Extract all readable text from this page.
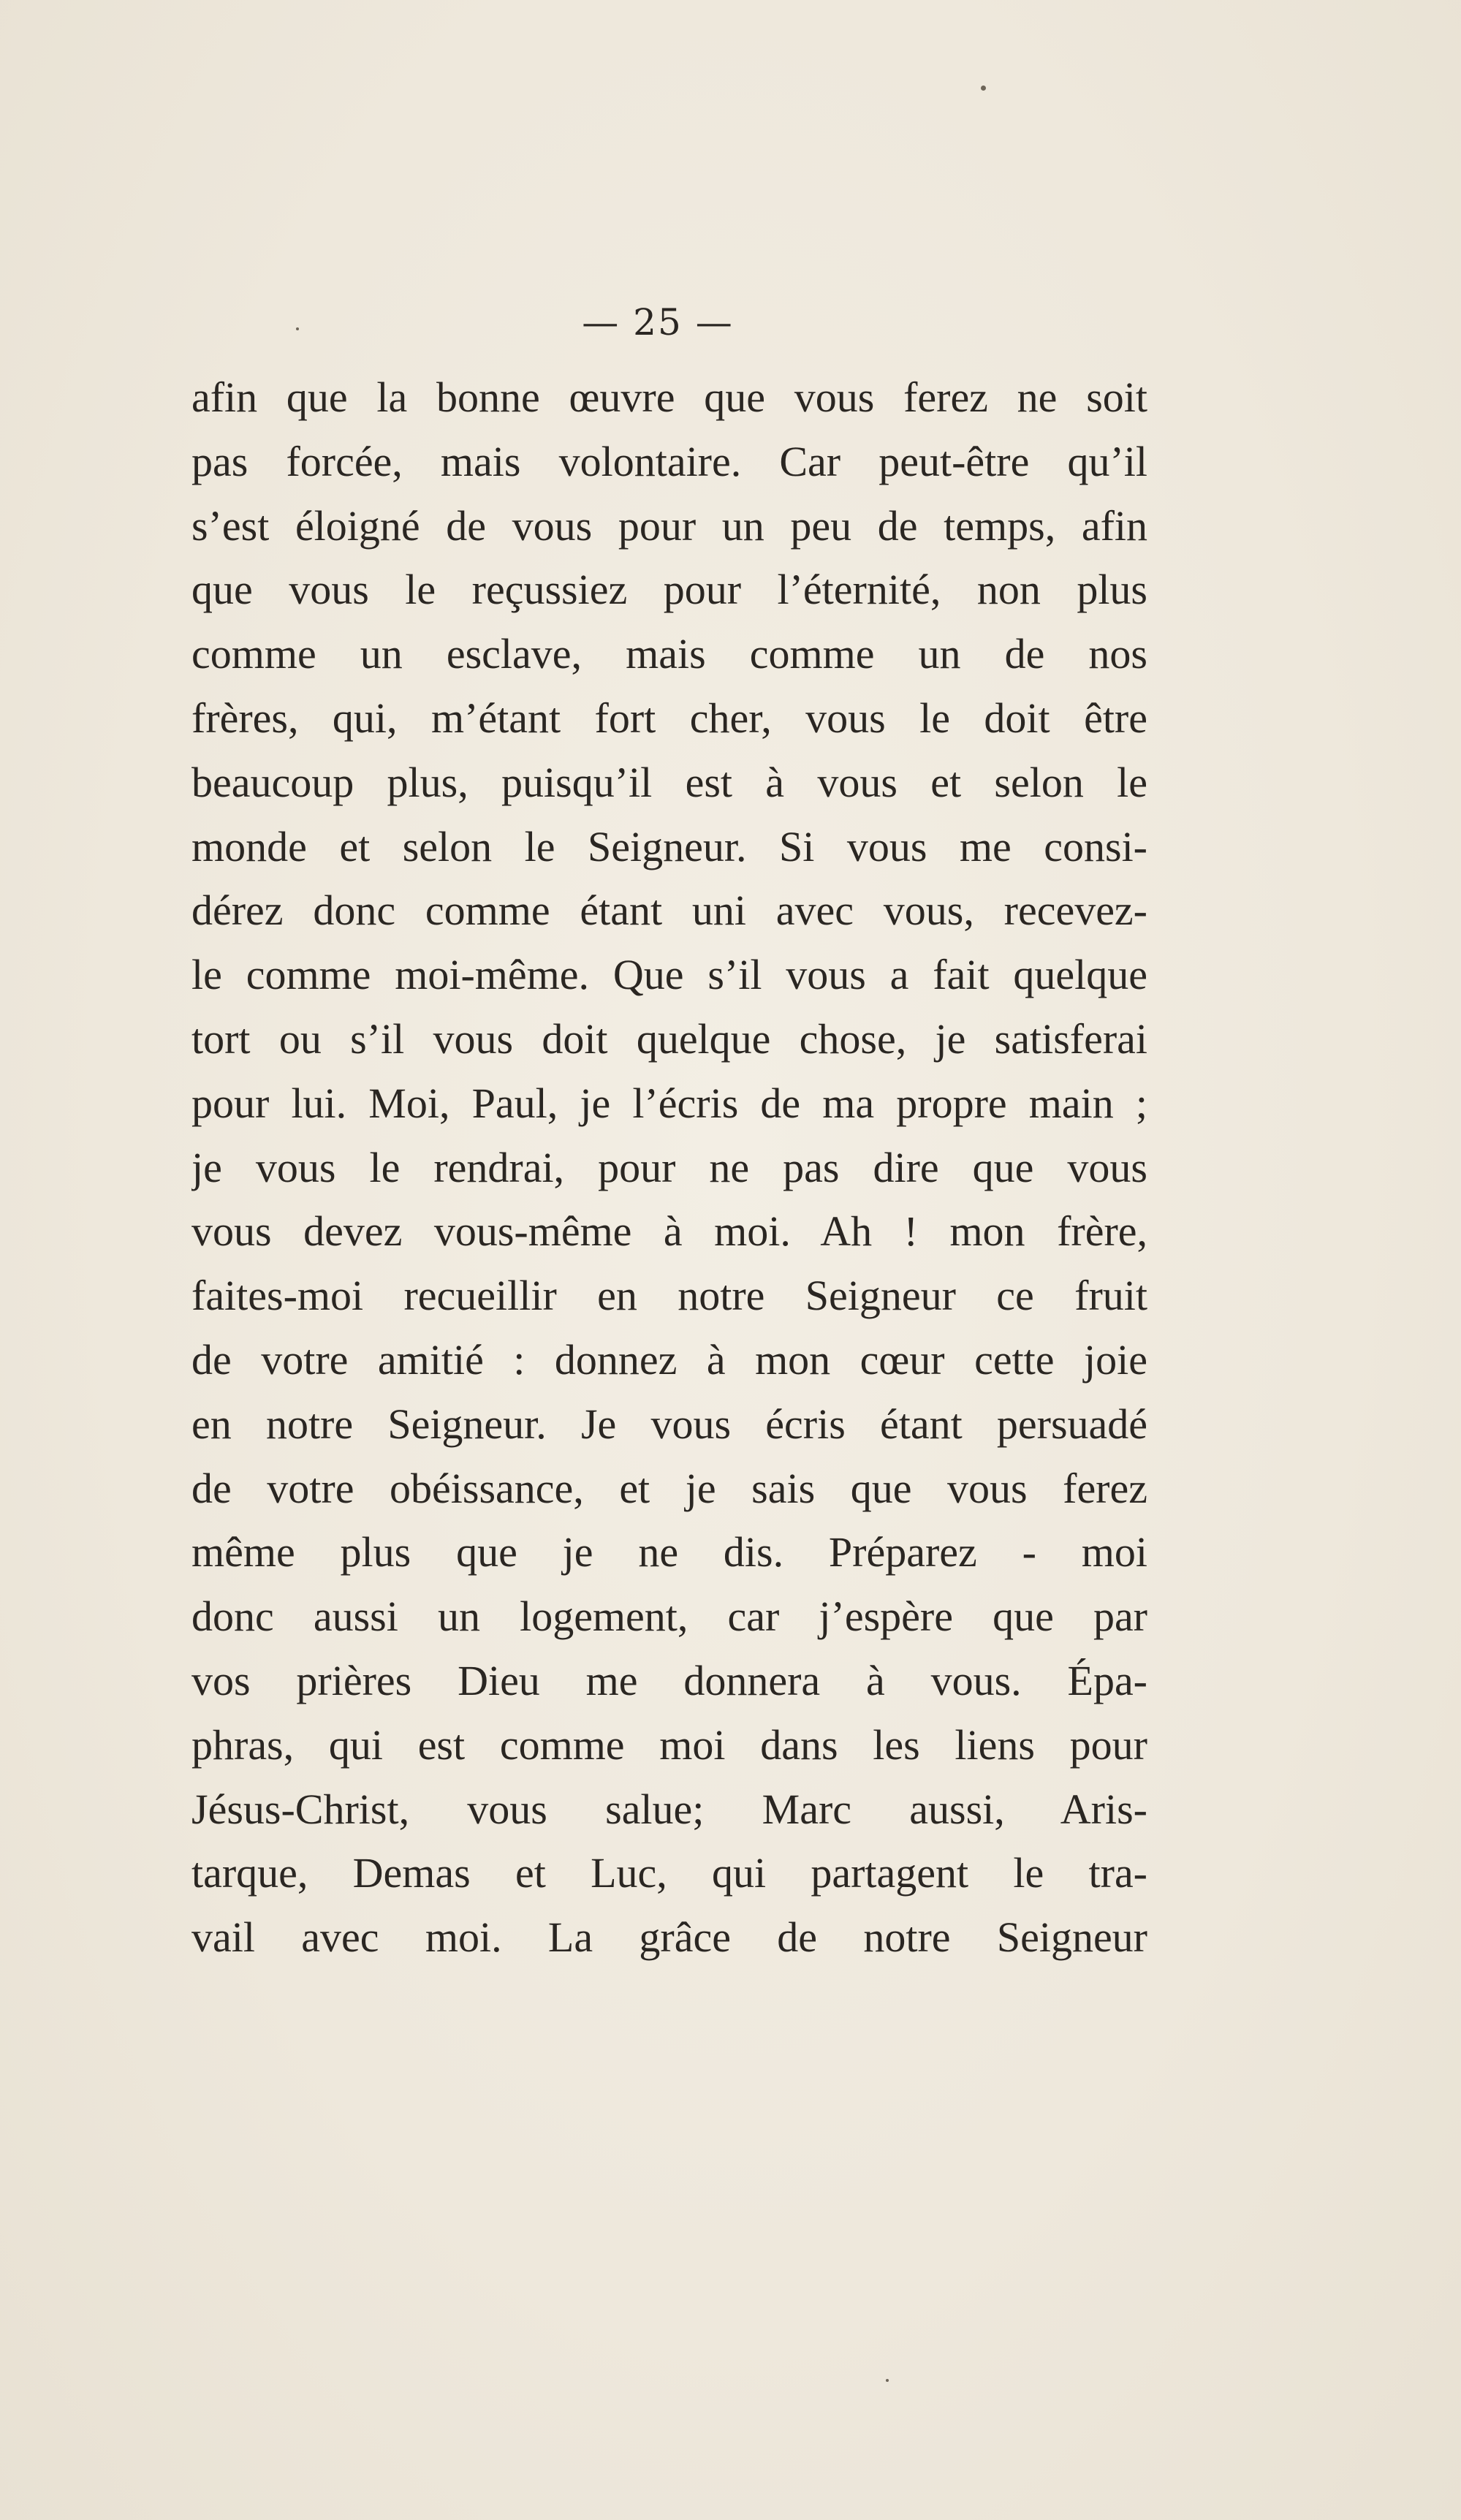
— 25 —
afin que la bonne œuvre que vous ferez ne soit
pas forcée, mais volontaire. Car peut-être qu’il
s’est éloigné de vous pour un peu de temps, afin
que vous le reçussiez pour l’éternité, non plus
comme un esclave, mais comme un de nos
frères, qui, m’étant fort cher, vous le doit être
beaucoup plus, puisqu’il est à vous et selon le
monde et selon le Seigneur. Si vous me consi-
dérez donc comme étant uni avec vous, recevez-
le comme moi-même. Que s’il vous a fait quelque
tort ou s’il vous doit quelque chose, je satisferai
pour lui. Moi, Paul, je l’écris de ma propre main ;
je vous le rendrai, pour ne pas dire que vous
vous devez vous-même à moi. Ah ! mon frère,
faites-moi recueillir en notre Seigneur ce fruit
de votre amitié : donnez à mon cœur cette joie
en notre Seigneur. Je vous écris étant persuadé
de votre obéissance, et je sais que vous ferez
même plus que je ne dis. Préparez - moi
donc aussi un logement, car j’espère que par
vos prières Dieu me donnera à vous. Épa-
phras, qui est comme moi dans les liens pour
Jésus-Christ, vous salue; Marc aussi, Aris-
tarque, Demas et Luc, qui partagent le tra-
vail avec moi. La grâce de notre Seigneur
